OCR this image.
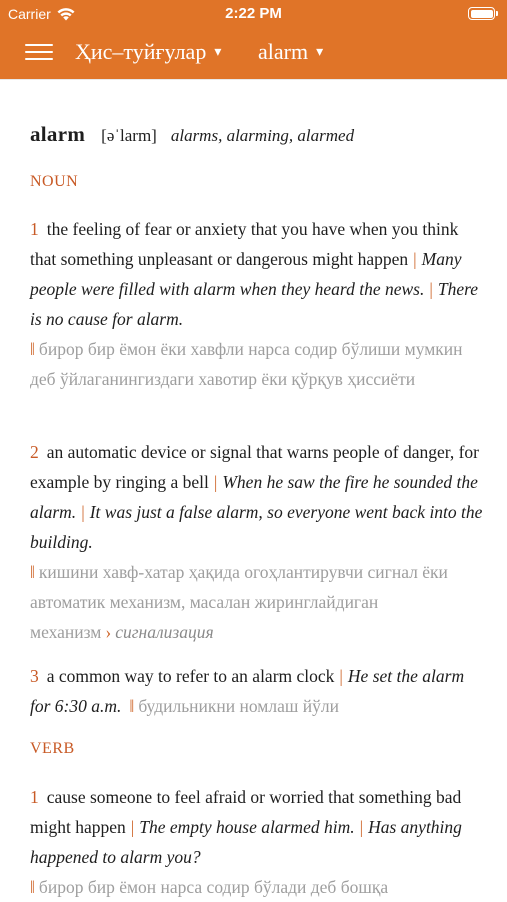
Carrier	2:22 PM
Ҳис–туйғулар ▾ alarm ▾
alarm [əˈlarm] alarms, alarming, alarmed
NOUN
1 the feeling of fear or anxiety that you have when you think that something unpleasant or dangerous might happen | Many people were filled with alarm when they heard the news. | There is no cause for alarm.
‖ бирор бир ёмон ёки хавфли нарса содир бўлиши мумкин деб ўйлаганингиздаги хавотир ёки қўрқув ҳиссиёти
2 an automatic device or signal that warns people of danger, for example by ringing a bell | When he saw the fire he sounded the alarm. | It was just a false alarm, so everyone went back into the building.
‖ кишини хавф-хатар ҳақида огоҳлантирувчи сигнал ёки автоматик механизм, масалан жиринглайдиган механизм › сигнализация
3 a common way to refer to an alarm clock | He set the alarm for 6:30 a.m. ‖ будильникни номлаш йўли
VERB
1 cause someone to feel afraid or worried that something bad might happen | The empty house alarmed him. | Has anything happened to alarm you?
‖ бирор бир ёмон нарса содир бўлади деб бошқа
